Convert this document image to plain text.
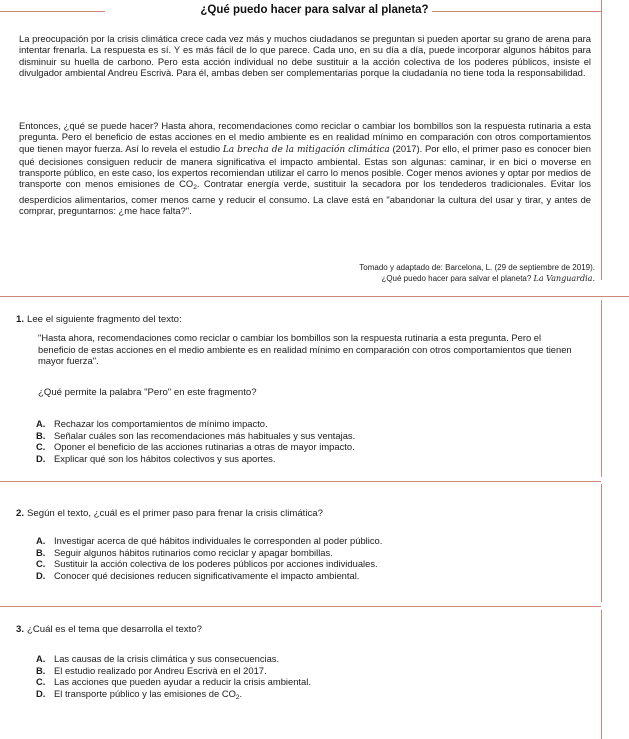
¿Qué puedo hacer para salvar al planeta?

La preocupación por la crisis climática crece cada vez más y muchos ciudadanos se preguntan si pueden aportar su grano de arena para intentar frenarla. La respuesta es sí. Y es más fácil de lo que parece. Cada uno, en su día a día, puede incorporar algunos hábitos para disminuir su huella de carbono. Pero esta acción individual no debe sustituir a la acción colectiva de los poderes públicos, insiste el divulgador ambiental Andreu Escrivà. Para él, ambas deben ser complementarias porque la ciudadanía no tiene toda la responsabilidad.

Entonces, ¿qué se puede hacer? Hasta ahora, recomendaciones como reciclar o cambiar los bombillos son la respuesta rutinaria a esta pregunta. Pero el beneficio de estas acciones en el medio ambiente es en realidad mínimo en comparación con otros comportamientos que tienen mayor fuerza. Así lo revela el estudio La brecha de la mitigación climática (2017). Por ello, el primer paso es conocer bien qué decisiones consiguen reducir de manera significativa el impacto ambiental. Estas son algunas: caminar, ir en bici o moverse en transporte público, en este caso, los expertos recomiendan utilizar el carro lo menos posible. Coger menos aviones y optar por medios de transporte con menos emisiones de $CO_2$. Contratar energía verde, sustituir la secadora por los tendederos tradicionales. Evitar los desperdicios alimentarios, comer menos carne y reducir el consumo. La clave está en "abandonar la cultura del usar y tirar, y antes de comprar, preguntarnos: ¿me hace falta?".

Tomado y adaptado de: Barcelona, L. (29 de septiembre de 2019).
¿Qué puedo hacer para salvar el planeta? La Vanguardia.
1. Lee el siguiente fragmento del texto:
"Hasta ahora, recomendaciones como reciclar o cambiar los bombillos son la respuesta rutinaria a esta pregunta. Pero el beneficio de estas acciones en el medio ambiente es en realidad mínimo en comparación con otros comportamientos que tienen mayor fuerza".
¿Qué permite la palabra "Pero" en este fragmento?
A. Rechazar los comportamientos de mínimo impacto.
B. Señalar cuáles son las recomendaciones más habituales y sus ventajas.
C. Oponer el beneficio de las acciones rutinarias a otras de mayor impacto.
D. Explicar qué son los hábitos colectivos y sus aportes.
2. Según el texto, ¿cuál es el primer paso para frenar la crisis climática?
A. Investigar acerca de qué hábitos individuales le corresponden al poder público.
B. Seguir algunos hábitos rutinarios como reciclar y apagar bombillas.
C. Sustituir la acción colectiva de los poderes públicos por acciones individuales.
D. Conocer qué decisiones reducen significativamente el impacto ambiental.
3. ¿Cuál es el tema que desarrolla el texto?
A. Las causas de la crisis climática y sus consecuencias.
B. El estudio realizado por Andreu Escrivà en el 2017.
C. Las acciones que pueden ayudar a reducir la crisis ambiental.
D. El transporte público y las emisiones de $CO_2$.
